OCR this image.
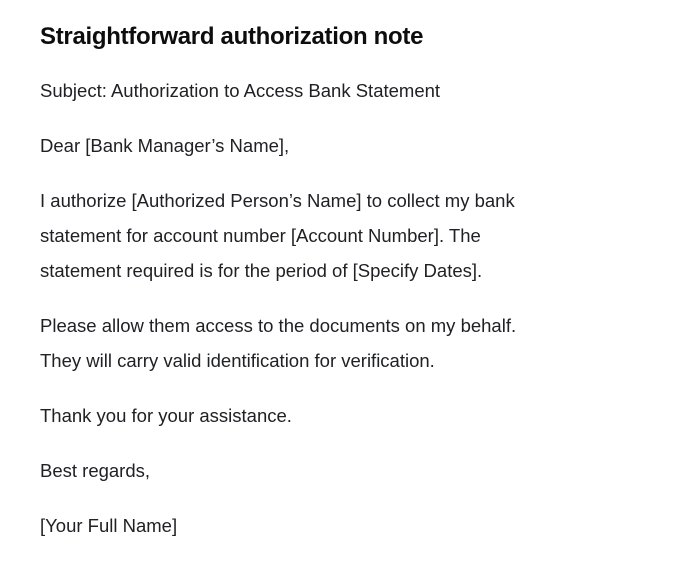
Straightforward authorization note
Subject: Authorization to Access Bank Statement
Dear [Bank Manager’s Name],
I authorize [Authorized Person’s Name] to collect my bank
statement for account number [Account Number]. The
statement required is for the period of [Specify Dates].
Please allow them access to the documents on my behalf.
They will carry valid identification for verification.
Thank you for your assistance.
Best regards,
[Your Full Name]
